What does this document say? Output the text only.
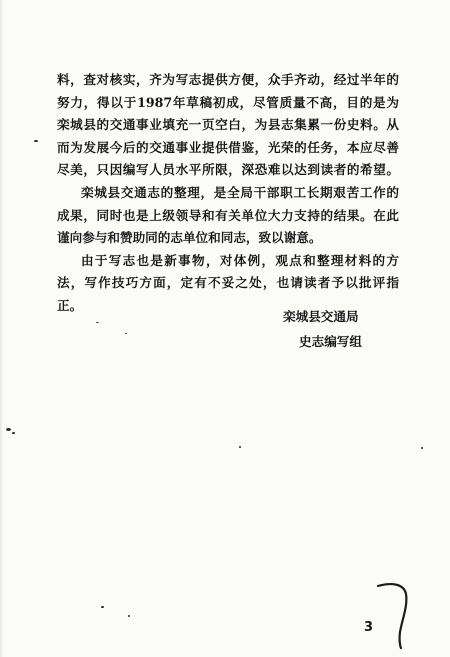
料，查对核实，齐为写志提供方便，众手齐动，经过半年的
努力，得以于1987年草稿初成，尽管质量不高，目的是为
栾城县的交通事业填充一页空白，为县志集累一份史料。从
而为发展今后的交通事业提供借鉴，光荣的任务，本应尽善
尽美，只因编写人员水平所限，深恐难以达到读者的希望。
栾城县交通志的整理，是全局干部职工长期艰苦工作的
成果，同时也是上级领导和有关单位大力支持的结果。在此
谨向参与和赞助同的志单位和同志，致以谢意。
由于写志也是新事物，对体例，观点和整理材料的方
法，写作技巧方面，定有不妥之处，也请读者予以批评指
正。
栾城县交通局
史志编写组
3
